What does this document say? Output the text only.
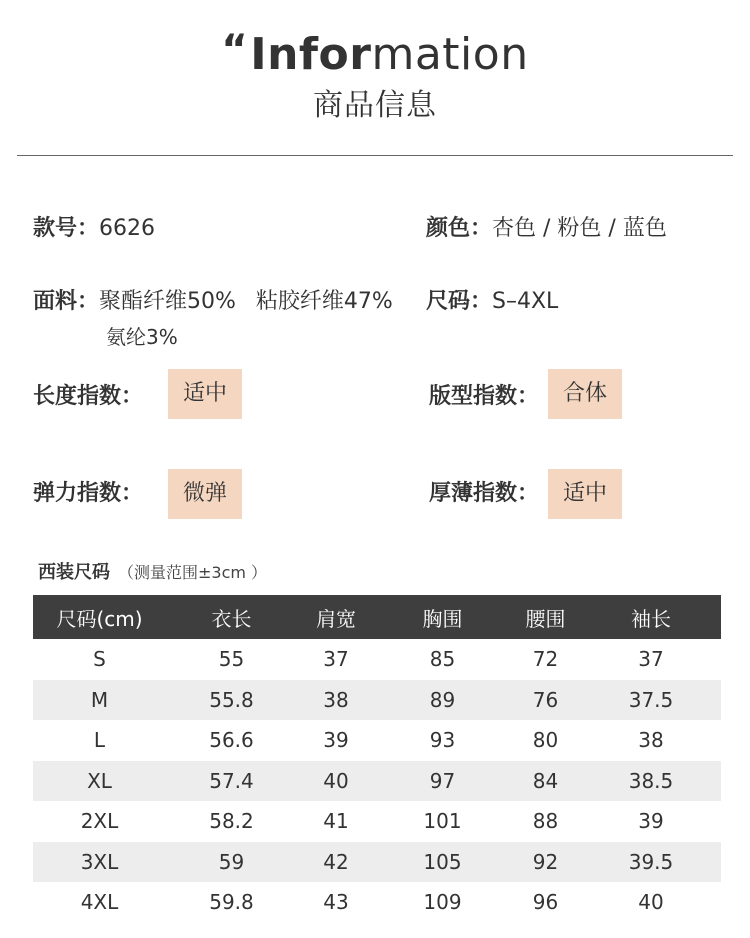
“Information
商品信息
款号：6626	颜色：杏色 / 粉色 / 蓝色
面料：聚酯纤维50% 粘胶纤维47%
氨纶3%
尺码：S–4XL
长度指数：	适中	版型指数：	合体
弹力指数：	微弹	厚薄指数：	适中
西装尺码 （测量范围±3cm ）
尺码(cm)	衣长	肩宽	胸围	腰围	袖长
S	55	37	85	72	37
M	55.8	38	89	76	37.5
L	56.6	39	93	80	38
XL	57.4	40	97	84	38.5
2XL	58.2	41	101	88	39
3XL	59	42	105	92	39.5
4XL	59.8	43	109	96	40
